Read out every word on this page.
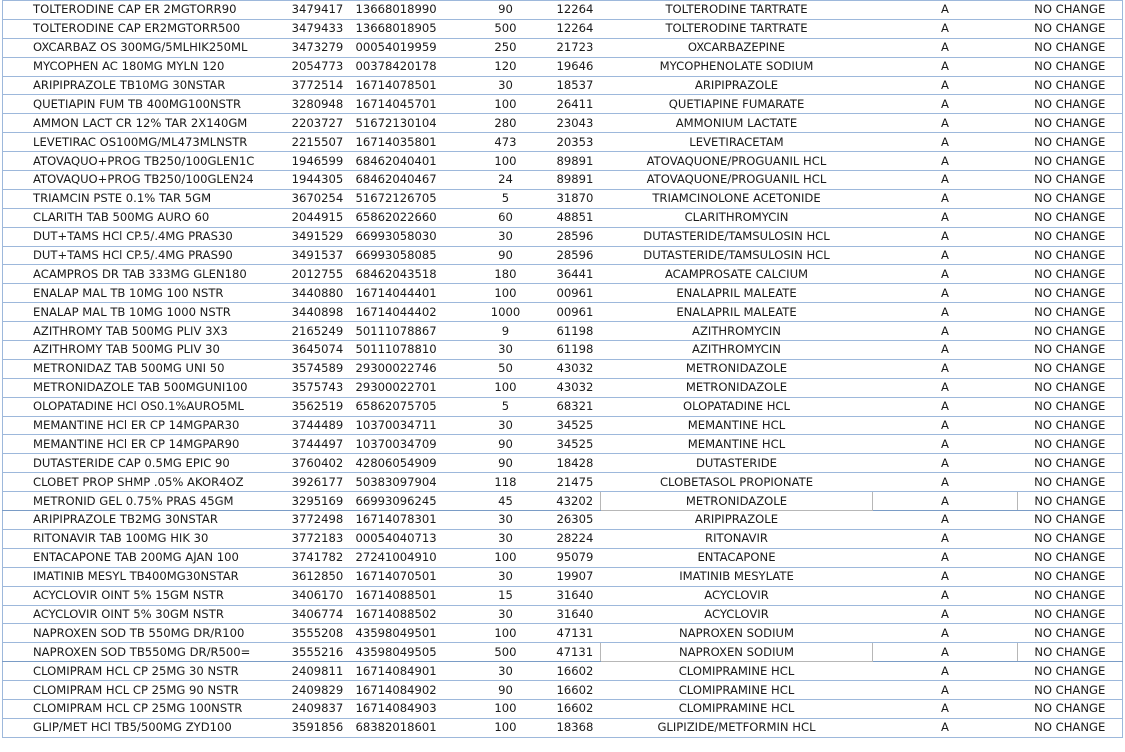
TOLTERODINE CAP ER 2MGTORR90	3479417	13668018990	90	12264	TOLTERODINE TARTRATE	A	NO CHANGE
TOLTERODINE CAP ER2MGTORR500	3479433	13668018905	500	12264	TOLTERODINE TARTRATE	A	NO CHANGE
OXCARBAZ OS 300MG/5MLHIK250ML	3473279	00054019959	250	21723	OXCARBAZEPINE	A	NO CHANGE
MYCOPHEN AC 180MG MYLN 120	2054773	00378420178	120	19646	MYCOPHENOLATE SODIUM	A	NO CHANGE
ARIPIPRAZOLE TB10MG 30NSTAR	3772514	16714078501	30	18537	ARIPIPRAZOLE	A	NO CHANGE
QUETIAPIN FUM TB 400MG100NSTR	3280948	16714045701	100	26411	QUETIAPINE FUMARATE	A	NO CHANGE
AMMON LACT CR 12% TAR 2X140GM	2203727	51672130104	280	23043	AMMONIUM LACTATE	A	NO CHANGE
LEVETIRAC OS100MG/ML473MLNSTR	2215507	16714035801	473	20353	LEVETIRACETAM	A	NO CHANGE
ATOVAQUO+PROG TB250/100GLEN1C	1946599	68462040401	100	89891	ATOVAQUONE/PROGUANIL HCL	A	NO CHANGE
ATOVAQUO+PROG TB250/100GLEN24	1944305	68462040467	24	89891	ATOVAQUONE/PROGUANIL HCL	A	NO CHANGE
TRIAMCIN PSTE 0.1% TAR 5GM	3670254	51672126705	5	31870	TRIAMCINOLONE ACETONIDE	A	NO CHANGE
CLARITH TAB 500MG AURO 60	2044915	65862022660	60	48851	CLARITHROMYCIN	A	NO CHANGE
DUT+TAMS HCl CP.5/.4MG PRAS30	3491529	66993058030	30	28596	DUTASTERIDE/TAMSULOSIN HCL	A	NO CHANGE
DUT+TAMS HCl CP.5/.4MG PRAS90	3491537	66993058085	90	28596	DUTASTERIDE/TAMSULOSIN HCL	A	NO CHANGE
ACAMPROS DR TAB 333MG GLEN180	2012755	68462043518	180	36441	ACAMPROSATE CALCIUM	A	NO CHANGE
ENALAP MAL TB 10MG 100 NSTR	3440880	16714044401	100	00961	ENALAPRIL MALEATE	A	NO CHANGE
ENALAP MAL TB 10MG 1000 NSTR	3440898	16714044402	1000	00961	ENALAPRIL MALEATE	A	NO CHANGE
AZITHROMY TAB 500MG PLIV 3X3	2165249	50111078867	9	61198	AZITHROMYCIN	A	NO CHANGE
AZITHROMY TAB 500MG PLIV 30	3645074	50111078810	30	61198	AZITHROMYCIN	A	NO CHANGE
METRONIDAZ TAB 500MG UNI 50	3574589	29300022746	50	43032	METRONIDAZOLE	A	NO CHANGE
METRONIDAZOLE TAB 500MGUNI100	3575743	29300022701	100	43032	METRONIDAZOLE	A	NO CHANGE
OLOPATADINE HCl OS0.1%AURO5ML	3562519	65862075705	5	68321	OLOPATADINE HCL	A	NO CHANGE
MEMANTINE HCl ER CP 14MGPAR30	3744489	10370034711	30	34525	MEMANTINE HCL	A	NO CHANGE
MEMANTINE HCl ER CP 14MGPAR90	3744497	10370034709	90	34525	MEMANTINE HCL	A	NO CHANGE
DUTASTERIDE CAP 0.5MG EPIC 90	3760402	42806054909	90	18428	DUTASTERIDE	A	NO CHANGE
CLOBET PROP SHMP .05% AKOR4OZ	3926177	50383097904	118	21475	CLOBETASOL PROPIONATE	A	NO CHANGE
METRONID GEL 0.75% PRAS 45GM	3295169	66993096245	45	43202	METRONIDAZOLE	A	NO CHANGE
ARIPIPRAZOLE TB2MG 30NSTAR	3772498	16714078301	30	26305	ARIPIPRAZOLE	A	NO CHANGE
RITONAVIR TAB 100MG HIK 30	3772183	00054040713	30	28224	RITONAVIR	A	NO CHANGE
ENTACAPONE TAB 200MG AJAN 100	3741782	27241004910	100	95079	ENTACAPONE	A	NO CHANGE
IMATINIB MESYL TB400MG30NSTAR	3612850	16714070501	30	19907	IMATINIB MESYLATE	A	NO CHANGE
ACYCLOVIR OINT 5% 15GM NSTR	3406170	16714088501	15	31640	ACYCLOVIR	A	NO CHANGE
ACYCLOVIR OINT 5% 30GM NSTR	3406774	16714088502	30	31640	ACYCLOVIR	A	NO CHANGE
NAPROXEN SOD TB 550MG DR/R100	3555208	43598049501	100	47131	NAPROXEN SODIUM	A	NO CHANGE
NAPROXEN SOD TB550MG DR/R500=	3555216	43598049505	500	47131	NAPROXEN SODIUM	A	NO CHANGE
CLOMIPRAM HCL CP 25MG 30 NSTR	2409811	16714084901	30	16602	CLOMIPRAMINE HCL	A	NO CHANGE
CLOMIPRAM HCL CP 25MG 90 NSTR	2409829	16714084902	90	16602	CLOMIPRAMINE HCL	A	NO CHANGE
CLOMIPRAM HCL CP 25MG 100NSTR	2409837	16714084903	100	16602	CLOMIPRAMINE HCL	A	NO CHANGE
GLIP/MET HCl TB5/500MG ZYD100	3591856	68382018601	100	18368	GLIPIZIDE/METFORMIN HCL	A	NO CHANGE
